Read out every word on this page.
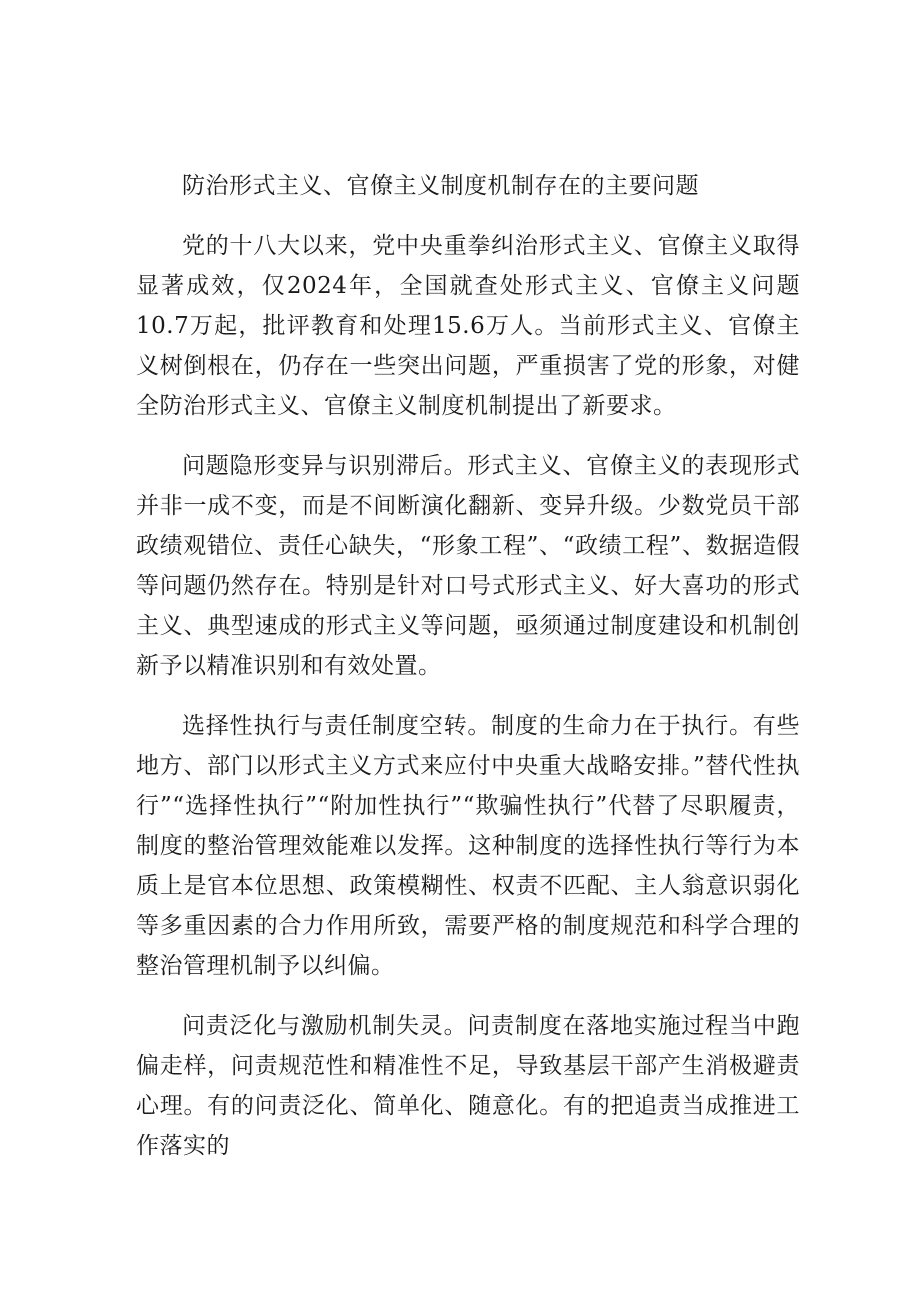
防治形式主义、官僚主义制度机制存在的主要问题

党的十八大以来，党中央重拳纠治形式主义、官僚主义取得显著成效，仅2024年，全国就查处形式主义、官僚主义问题10.7万起，批评教育和处理15.6万人。当前形式主义、官僚主义树倒根在，仍存在一些突出问题，严重损害了党的形象，对健全防治形式主义、官僚主义制度机制提出了新要求。

问题隐形变异与识别滞后。形式主义、官僚主义的表现形式并非一成不变，而是不间断演化翻新、变异升级。少数党员干部政绩观错位、责任心缺失，“形象工程”、“政绩工程”、数据造假等问题仍然存在。特别是针对口号式形式主义、好大喜功的形式主义、典型速成的形式主义等问题，亟须通过制度建设和机制创新予以精准识别和有效处置。

选择性执行与责任制度空转。制度的生命力在于执行。有些地方、部门以形式主义方式来应付中央重大战略安排。”替代性执行”“选择性执行”“附加性执行”“欺骗性执行”代替了尽职履责，制度的整治管理效能难以发挥。这种制度的选择性执行等行为本质上是官本位思想、政策模糊性、权责不匹配、主人翁意识弱化等多重因素的合力作用所致，需要严格的制度规范和科学合理的整治管理机制予以纠偏。

问责泛化与激励机制失灵。问责制度在落地实施过程当中跑偏走样，问责规范性和精准性不足，导致基层干部产生消极避责心理。有的问责泛化、简单化、随意化。有的把追责当成推进工作落实的
